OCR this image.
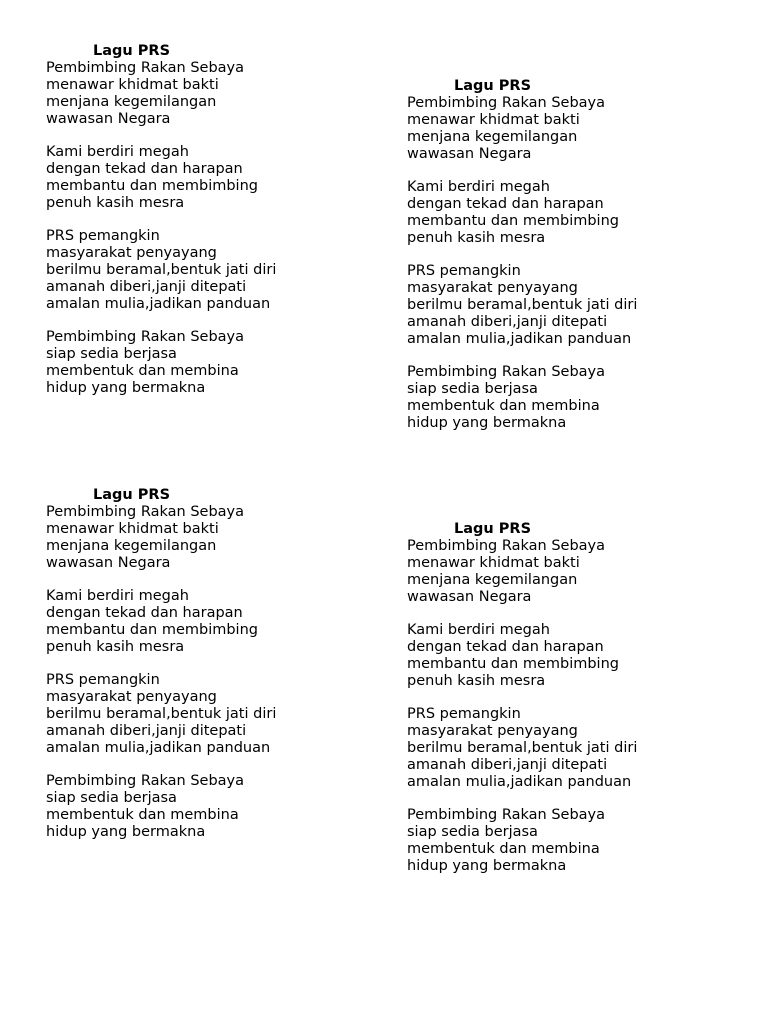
Lagu PRS
Pembimbing Rakan Sebaya
menawar khidmat bakti
menjana kegemilangan
wawasan Negara
Kami berdiri megah
dengan tekad dan harapan
membantu dan membimbing
penuh kasih mesra
PRS pemangkin
masyarakat penyayang
berilmu beramal,bentuk jati diri
amanah diberi,janji ditepati
amalan mulia,jadikan panduan
Pembimbing Rakan Sebaya
siap sedia berjasa
membentuk dan membina
hidup yang bermakna
Lagu PRS
Pembimbing Rakan Sebaya
menawar khidmat bakti
menjana kegemilangan
wawasan Negara
Kami berdiri megah
dengan tekad dan harapan
membantu dan membimbing
penuh kasih mesra
PRS pemangkin
masyarakat penyayang
berilmu beramal,bentuk jati diri
amanah diberi,janji ditepati
amalan mulia,jadikan panduan
Pembimbing Rakan Sebaya
siap sedia berjasa
membentuk dan membina
hidup yang bermakna
Lagu PRS
Pembimbing Rakan Sebaya
menawar khidmat bakti
menjana kegemilangan
wawasan Negara
Kami berdiri megah
dengan tekad dan harapan
membantu dan membimbing
penuh kasih mesra
PRS pemangkin
masyarakat penyayang
berilmu beramal,bentuk jati diri
amanah diberi,janji ditepati
amalan mulia,jadikan panduan
Pembimbing Rakan Sebaya
siap sedia berjasa
membentuk dan membina
hidup yang bermakna
Lagu PRS
Pembimbing Rakan Sebaya
menawar khidmat bakti
menjana kegemilangan
wawasan Negara
Kami berdiri megah
dengan tekad dan harapan
membantu dan membimbing
penuh kasih mesra
PRS pemangkin
masyarakat penyayang
berilmu beramal,bentuk jati diri
amanah diberi,janji ditepati
amalan mulia,jadikan panduan
Pembimbing Rakan Sebaya
siap sedia berjasa
membentuk dan membina
hidup yang bermakna
